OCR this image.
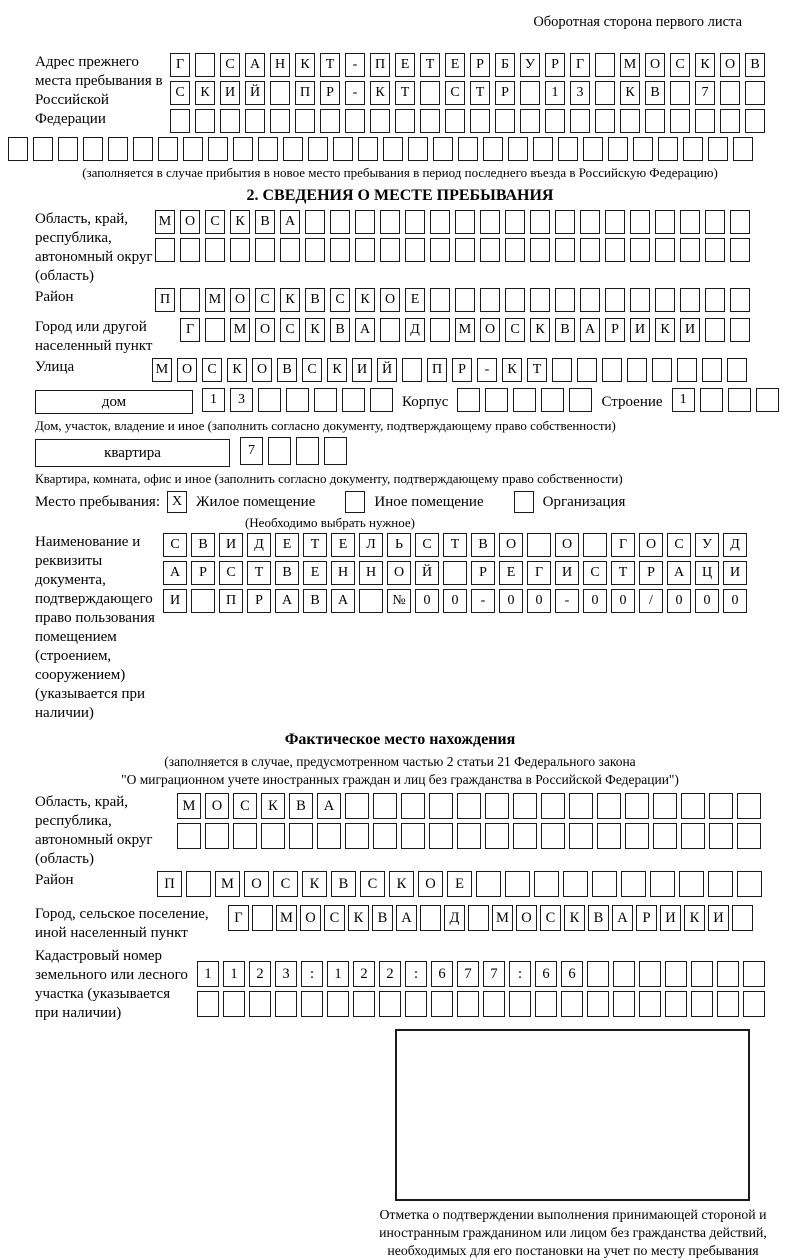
Оборотная сторона первого листа
Адрес прежнего места пребывания в Российской Федерации
Г	С	А	Н	К	Т	-	П	Е	Т	Е	Р	Б	У	Р	Г	М О	С	К	О	В
С	К	И	Й	П	Р	-	К	Т	С	Т	Р	1	3	К	В	7
(заполняется в случае прибытия в новое место пребывания в период последнего въезда в Российскую Федерацию)
2. СВЕДЕНИЯ О МЕСТЕ ПРЕБЫВАНИЯ
Область, край, республика, автономный округ (область)
М О	С	К	В	А
Район	П	М О	С	К	В	С	К	О	Е
Город или другой населенный пункт
Г	М О	С	К	В	А	Д	М О	С	К	В	А	Р	И	К	И
Улица	М О	С	К	О	В	С	К	И	Й	П	Р	-	К	Т
дом	1	3	Корпус	Строение	1
Дом, участок, владение и иное (заполнить согласно документу, подтверждающему право собственности)
квартира	7
Квартира, комната, офис и иное (заполнить согласно документу, подтверждающему право собственности)
Место пребывания: X Жилое помещение	Иное помещение	Организация
(Необходимо выбрать нужное)
Наименование и реквизиты документа, подтверждающего право пользования помещением (строением, сооружением) (указывается при наличии)
С	В	И	Д	Е	Т	Е	Л	Ь	С	Т	В	О	О	Г	О	С	У	Д
А	Р	С	Т	В	Е	Н	Н	О	Й	Р	Е	Г	И	С	Т	Р	А	Ц	И
И	П	Р	А	В	А	№	0	0	-	0	0	-	0	0	/	0	0	0
Фактическое место нахождения
(заполняется в случае, предусмотренном частью 2 статьи 21 Федерального закона
"О миграционном учете иностранных граждан и лиц без гражданства в Российской Федерации")
Область, край, республика, автономный округ (область)
М	О	С	К	В	А
Район	П	М	О	С	К	В	С	К	О	Е
Город, сельское поселение, иной населенный пункт
Г	М О С К В А	Д	М О С К В А	Р	И К И
Кадастровый номер земельного или лесного участка (указывается при наличии)
1	1	2	3	:	1	2	2	:	6	7	7	:	6	6
Отметка о подтверждении выполнения принимающей стороной и иностранным гражданином или лицом без гражданства действий, необходимых для его постановки на учет по месту пребывания
